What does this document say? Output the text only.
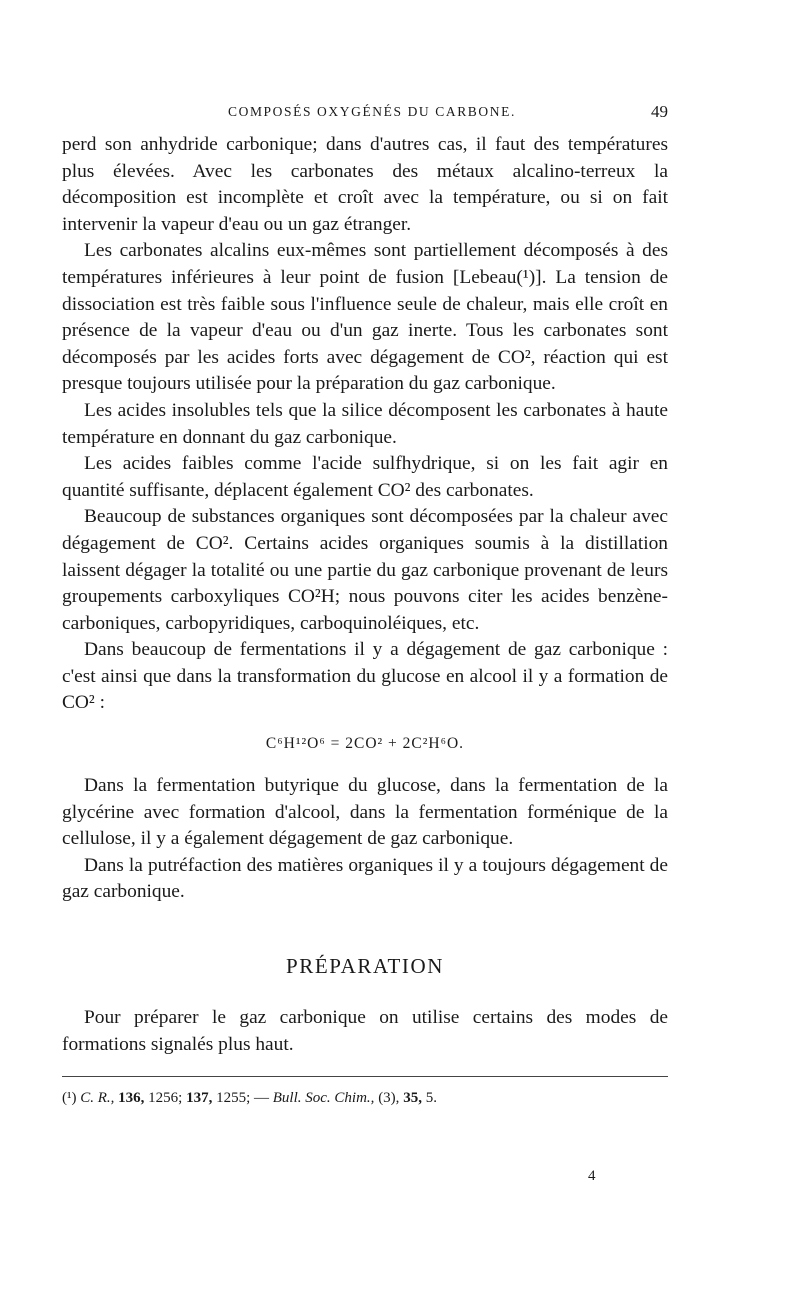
COMPOSÉS OXYGÉNÉS DU CARBONE.	49

perd son anhydride carbonique; dans d'autres cas, il faut des températures plus élevées. Avec les carbonates des métaux alcalino-terreux la décomposition est incomplète et croît avec la température, ou si on fait intervenir la vapeur d'eau ou un gaz étranger.

Les carbonates alcalins eux-mêmes sont partiellement décomposés à des températures inférieures à leur point de fusion [Lebeau(¹)]. La tension de dissociation est très faible sous l'influence seule de chaleur, mais elle croît en présence de la vapeur d'eau ou d'un gaz inerte. Tous les carbonates sont décomposés par les acides forts avec dégagement de CO², réaction qui est presque toujours utilisée pour la préparation du gaz carbonique.

Les acides insolubles tels que la silice décomposent les carbonates à haute température en donnant du gaz carbonique.

Les acides faibles comme l'acide sulfhydrique, si on les fait agir en quantité suffisante, déplacent également CO² des carbonates.

Beaucoup de substances organiques sont décomposées par la chaleur avec dégagement de CO². Certains acides organiques soumis à la distillation laissent dégager la totalité ou une partie du gaz carbonique provenant de leurs groupements carboxyliques CO²H; nous pouvons citer les acides benzène-carboniques, carbopyridiques, carboquinoléiques, etc.

Dans beaucoup de fermentations il y a dégagement de gaz carbonique : c'est ainsi que dans la transformation du glucose en alcool il y a formation de CO² :

C⁶H¹²O⁶ = 2CO² + 2C²H⁶O.

Dans la fermentation butyrique du glucose, dans la fermentation de la glycérine avec formation d'alcool, dans la fermentation forménique de la cellulose, il y a également dégagement de gaz carbonique.

Dans la putréfaction des matières organiques il y a toujours dégagement de gaz carbonique.

PRÉPARATION

Pour préparer le gaz carbonique on utilise certains des modes de formations signalés plus haut.

(¹) C. R., 136, 1256; 137, 1255; — Bull. Soc. Chim., (3), 35, 5.
4
